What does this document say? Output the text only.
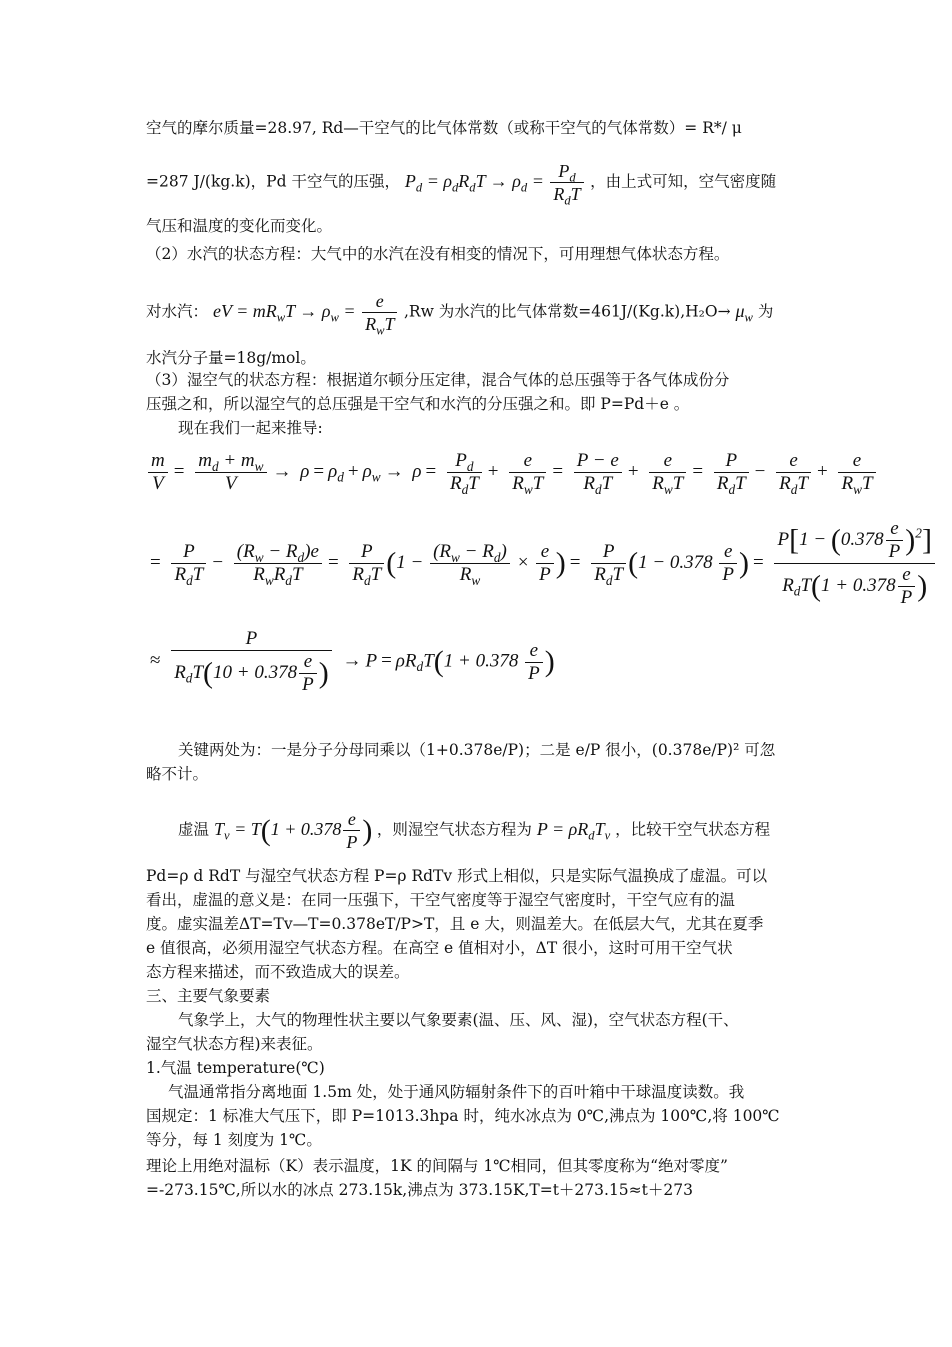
空气的摩尔质量=28.97, Rd—干空气的比气体常数（或称干空气的气体常数）= R*/ μ
=287 J/(kg.k)，Pd 干空气的压强， $P_d = \rho_dR_dT \to \rho_d = \frac{P_d}{R_dT}$ ，由上式可知，空气密度随
气压和温度的变化而变化。
（2）水汽的状态方程：大气中的水汽在没有相变的情况下，可用理想气体状态方程。
对水汽： eV = $mR_wT \to \rho_w = \frac{e}{R_wT} ,Rw$ 为水汽的比气体常数$=461J/(Kg.k),H_2O\to \mu_w$ 为
水汽分子量=18g/mol。
（3）湿空气的状态方程：根据道尔顿分压定律，混合气体的总压强等于各气体成份分
压强之和，所以湿空气的总压强是干空气和水汽的分压强之和。即 P=Pd＋e 。
现在我们一起来推导:
$\frac{m}{V} = \frac{m_d + m_w}{V} \to \rho = \rho_d + \rho_w \to \rho = \frac{P_d}{R_dT} + \frac{e}{R_wT} = \frac{P - e}{R_dT} + \frac{e}{R_wT} = \frac{P}{R_dT} - \frac{e}{R_dT} + \frac{e}{R_wT}$
= $\frac{P}{R_dT} - \frac{(R_w - R_d)e}{R_wR_dT} = \frac{P}{R_dT} (1 - \frac{(R_w - R_d)}{R_w} \times \frac{e}{P}$ ) = $\frac{P}{R_dT} (1 - 0.378 \frac{e}{P}$ ) = $\frac{P[1 - (0.378 \frac{e}{P} )^2]}{R_dT(1 + 0.378 \frac{e}{P} )}$
≈ $\frac{P}{R_dT(10 + 0.378 \frac{e}{P} )} \to P = \rho R_dT(1 + 0.378 \frac{e}{P}$ )
关键两处为：一是分子分母同乘以（1+0.378e/P)；二是 e/P 很小，(0.378e/P)² 可忽
略不计。
虚温 $T_v = T(1 + 0.378 \frac{e}{P}$ ) ，则湿空气状态方程为 $P = \rho R_dT_v$ ，比较干空气状态方程
Pd=ρ d RdT 与湿空气状态方程 P=ρ RdTv 形式上相似，只是实际气温换成了虚温。可以
看出，虚温的意义是：在同一压强下，干空气密度等于湿空气密度时，干空气应有的温
度。虚实温差ΔT=Tv—T=0.378eT/P>T，且 e 大，则温差大。在低层大气，尤其在夏季
e 值很高，必须用湿空气状态方程。在高空 e 值相对小，ΔT 很小，这时可用干空气状
态方程来描述，而不致造成大的误差。
三、主要气象要素
气象学上，大气的物理性状主要以气象要素(温、压、风、湿)，空气状态方程(干、
湿空气状态方程)来表征。
1.气温 temperature(℃)
气温通常指分离地面 1.5m 处，处于通风防辐射条件下的百叶箱中干球温度读数。我
国规定：1 标准大气压下，即 P=1013.3hpa 时，纯水冰点为 0℃,沸点为 100℃,将 100℃
等分，每 1 刻度为 1℃。
理论上用绝对温标（K）表示温度，1K 的间隔与 1℃相同，但其零度称为“绝对零度”
=-273.15℃,所以水的冰点 273.15k,沸点为 373.15K,T=t＋273.15≈t＋273
